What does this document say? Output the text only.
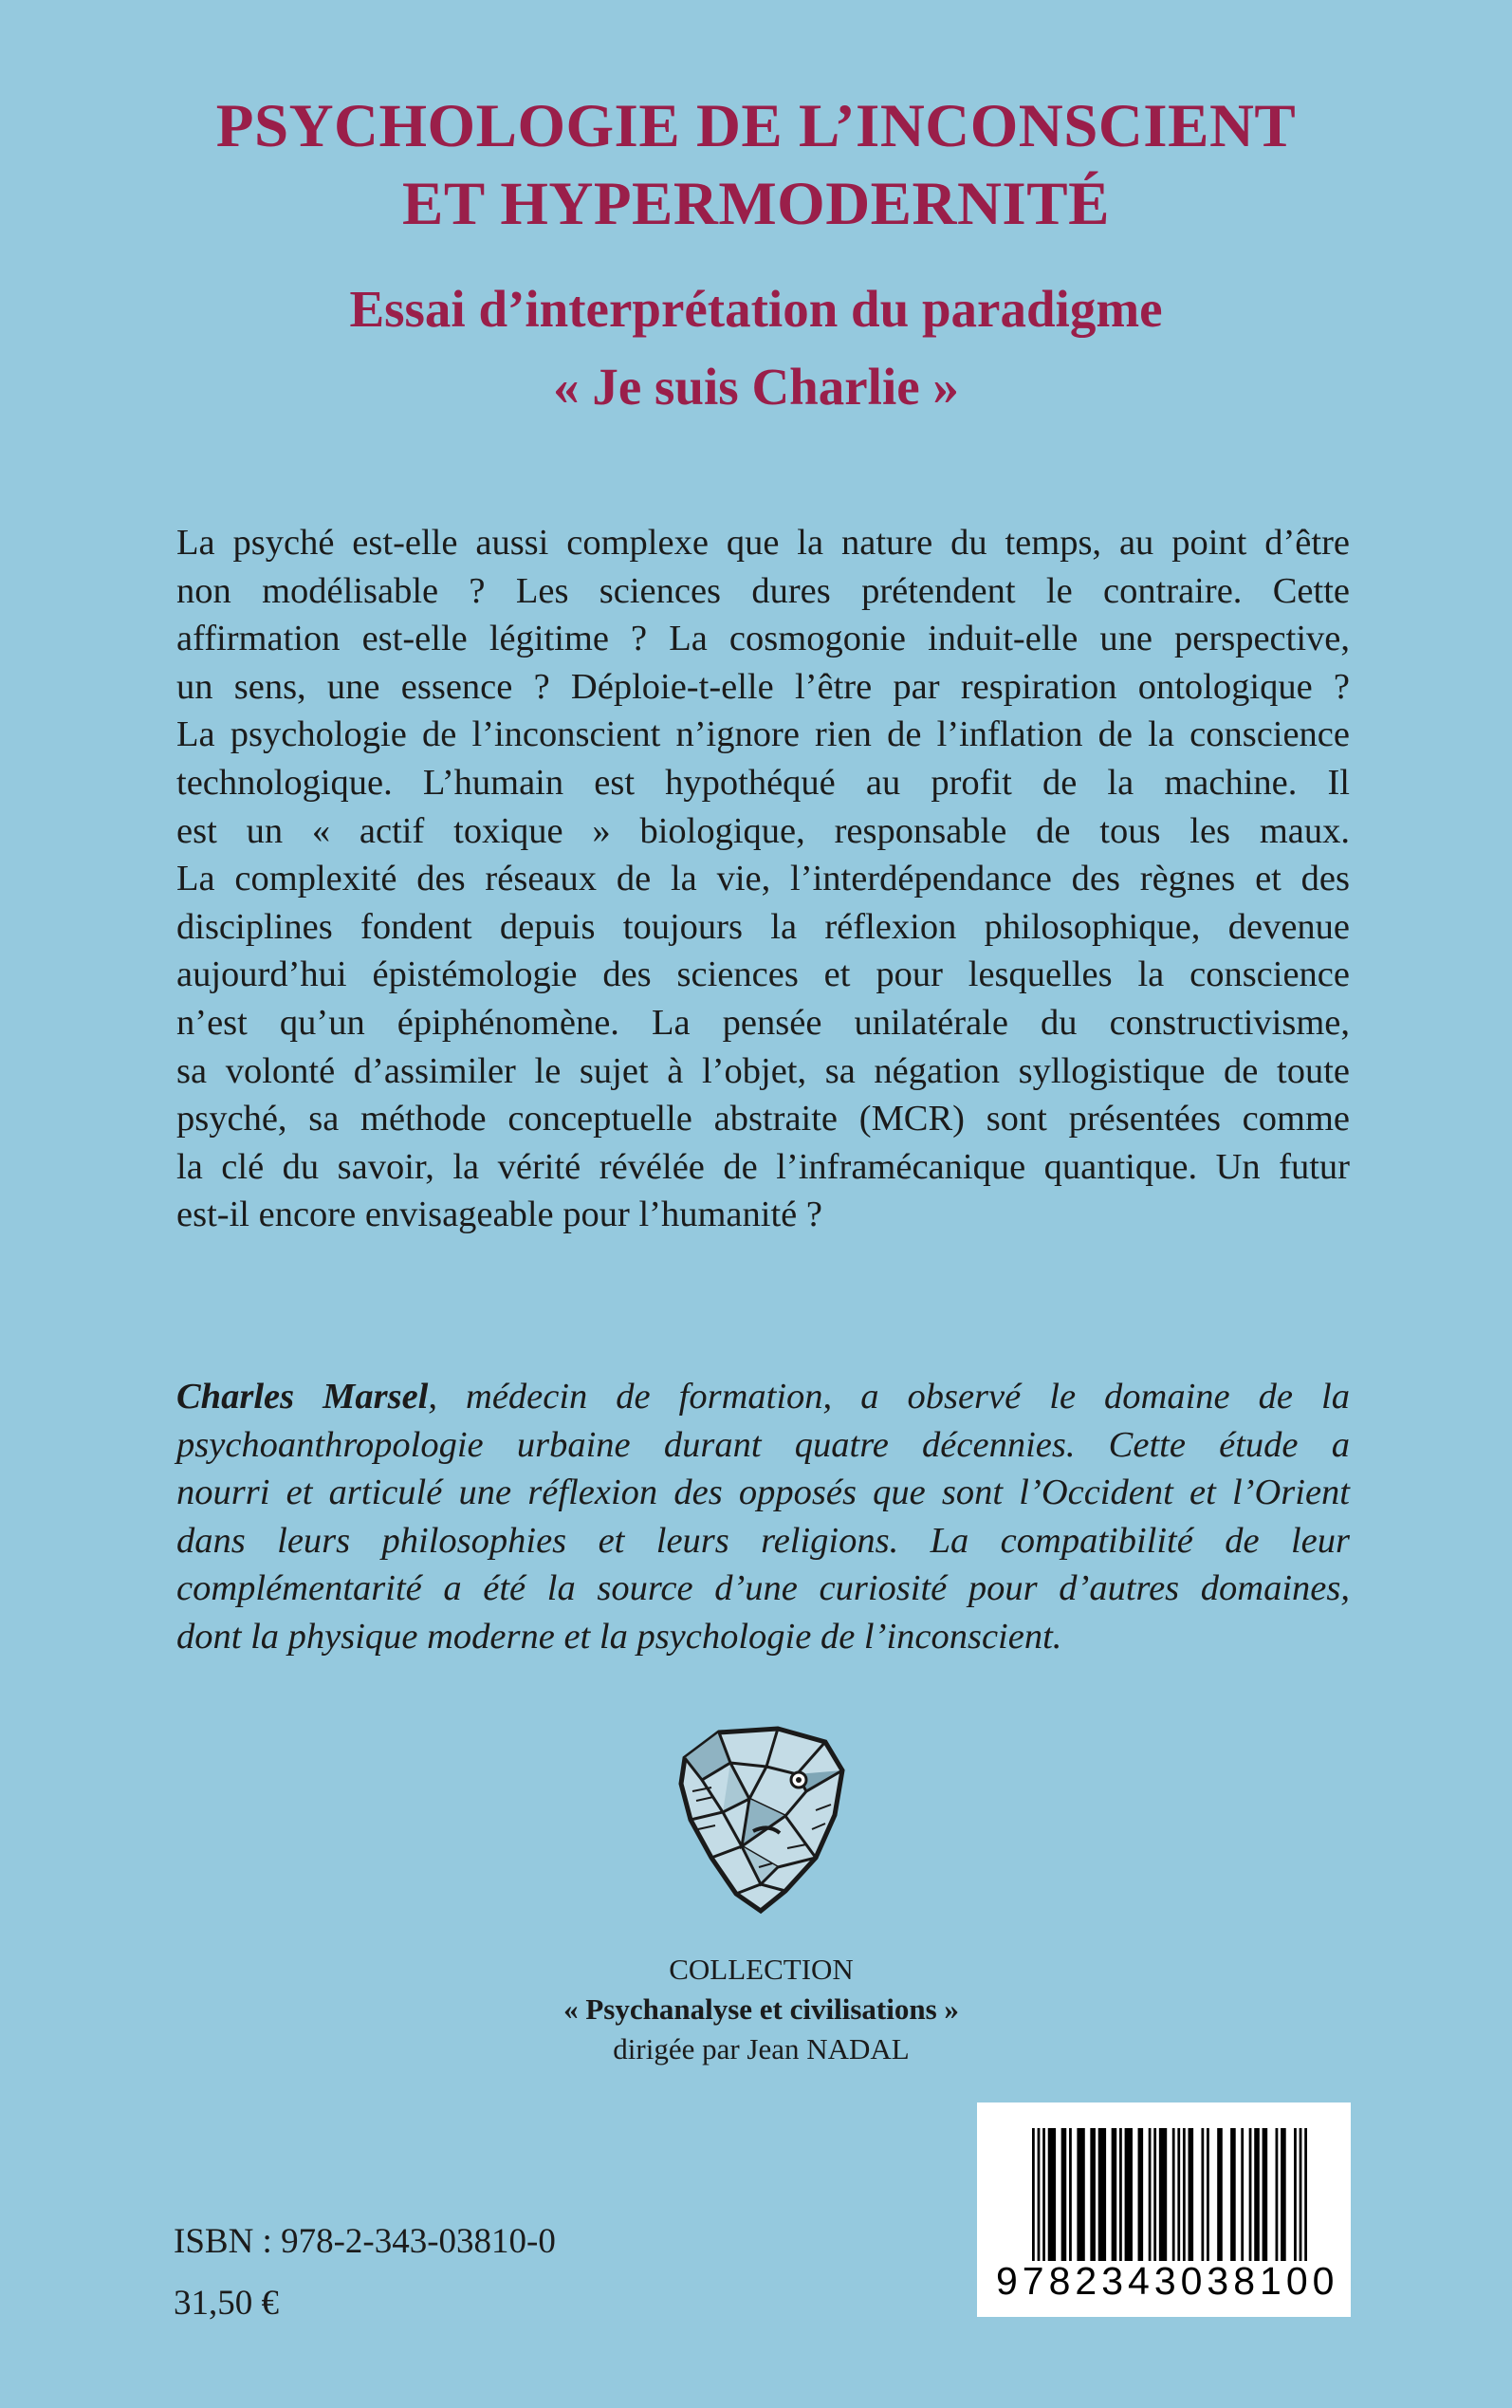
PSYCHOLOGIE DE L’INCONSCIENT
ET HYPERMODERNITÉ
Essai d’interprétation du paradigme
« Je suis Charlie »

La psyché est-elle aussi complexe que la nature du temps, au point d’être
non modélisable ? Les sciences dures prétendent le contraire. Cette
affirmation est-elle légitime ? La cosmogonie induit-elle une perspective,
un sens, une essence ? Déploie-t-elle l’être par respiration ontologique ?
La psychologie de l’inconscient n’ignore rien de l’inflation de la conscience
technologique. L’humain est hypothéqué au profit de la machine. Il
est un « actif toxique » biologique, responsable de tous les maux.
La complexité des réseaux de la vie, l’interdépendance des règnes et des
disciplines fondent depuis toujours la réflexion philosophique, devenue
aujourd’hui épistémologie des sciences et pour lesquelles la conscience
n’est qu’un épiphénomène. La pensée unilatérale du constructivisme,
sa volonté d’assimiler le sujet à l’objet, sa négation syllogistique de toute
psyché, sa méthode conceptuelle abstraite (MCR) sont présentées comme
la clé du savoir, la vérité révélée de l’inframécanique quantique. Un futur
est-il encore envisageable pour l’humanité ?

Charles Marsel, médecin de formation, a observé le domaine de la
psychoanthropologie urbaine durant quatre décennies. Cette étude a
nourri et articulé une réflexion des opposés que sont l’Occident et l’Orient
dans leurs philosophies et leurs religions. La compatibilité de leur
complémentarité a été la source d’une curiosité pour d’autres domaines,
dont la physique moderne et la psychologie de l’inconscient.

COLLECTION
« Psychanalyse et civilisations »
dirigée par Jean NADAL
ISBN : 978-2-343-03810-0
31,50 €
9782343038100
